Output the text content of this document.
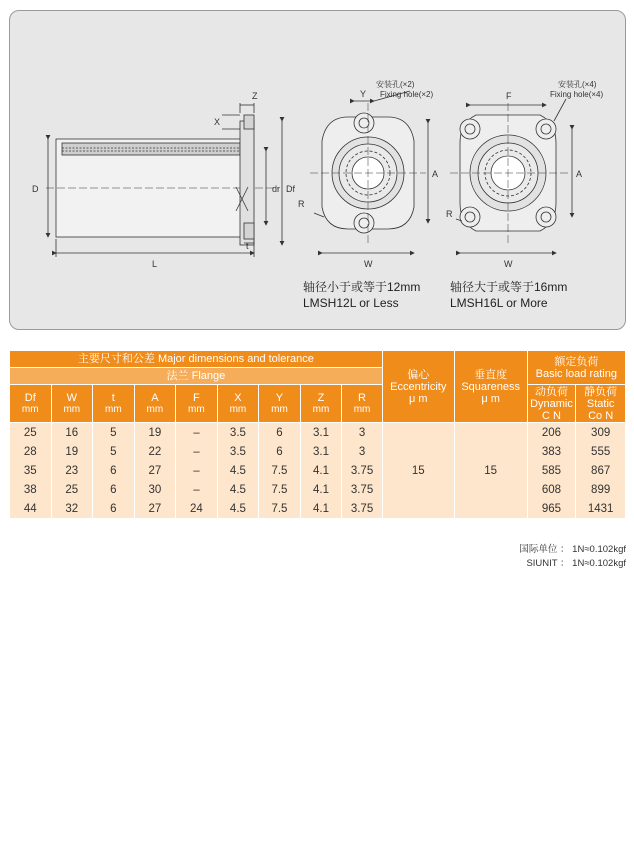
Z
X
D	dr Df
t
L
安装孔(×2)
Fixing hole(×2)
Y
A
R
W
安装孔(×4)
Fixing hole(×4)
F
A
R
W
轴径小于或等于12mm
LMSH12L or Less
轴径大于或等于16mm
LMSH16L or More
主要尺寸和公差 Major dimensions and tolerance									偏心
Eccentricity
μ m	垂直度
Squareness
μ m	额定负荷
Basic load rating	
法兰 Flange												
Df
mm	W
mm	t
mm	A
mm	F
mm	X
mm	Y
mm	Z
mm	R
mm			动负荷
Dynamic
C N	静负荷
Static
Co N

25	16	5	19	–	3.5	6	3.1	3	15	15	206	309
28	19	5	22	–	3.5	6	3.1	3			383	555
35	23	6	27	–	4.5	7.5	4.1	3.75			585	867
38	25	6	30	–	4.5	7.5	4.1	3.75			608	899
44	32	6	27	24	4.5	7.5	4.1	3.75			965	1431
国际单位 ： 1N≈0.102kgf
SIUNIT ： 1N≈0.102kgf
